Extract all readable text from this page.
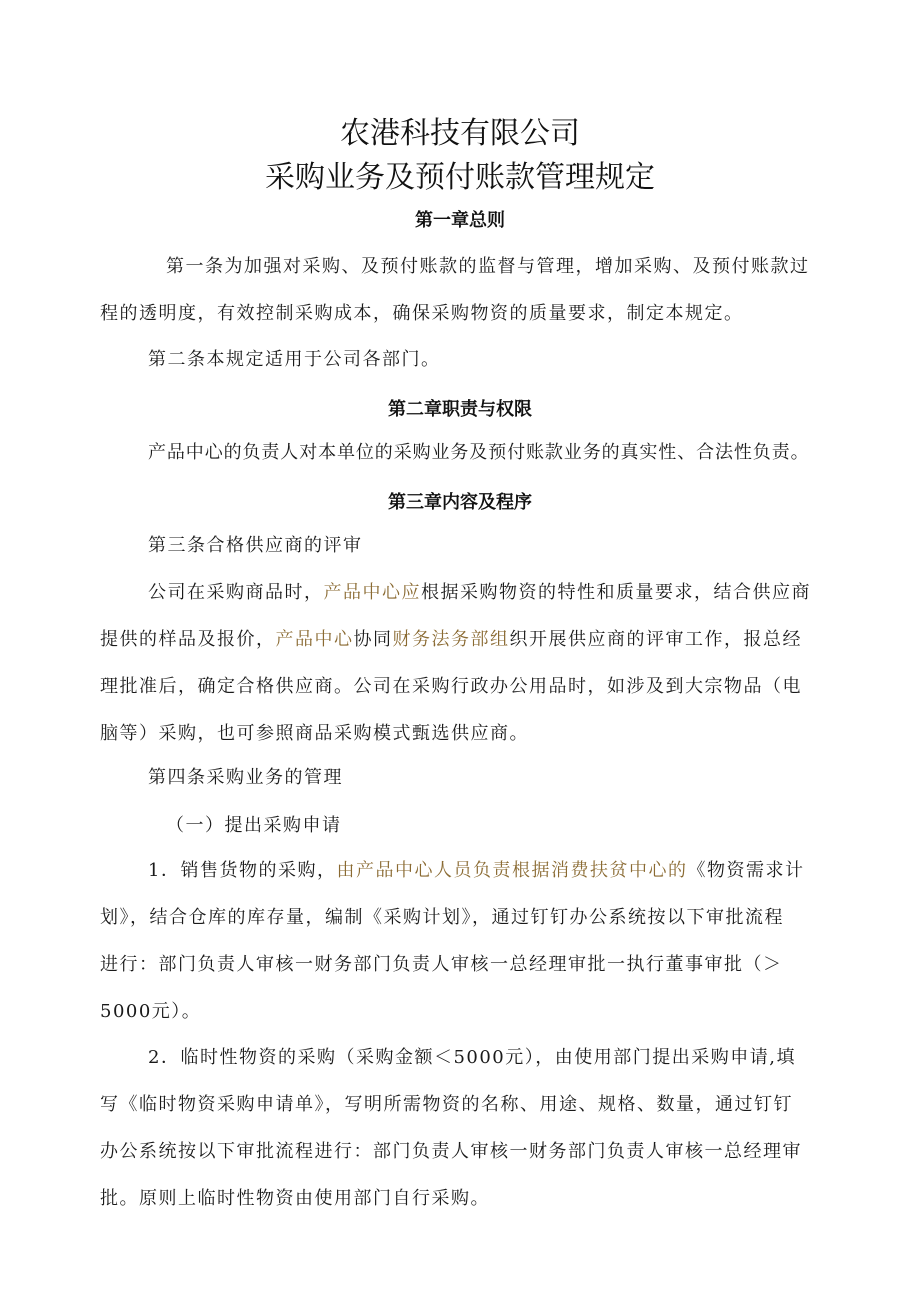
农港科技有限公司
采购业务及预付账款管理规定
第一章总则
第一条为加强对采购、及预付账款的监督与管理，增加采购、及预付账款过
程的透明度，有效控制采购成本，确保采购物资的质量要求，制定本规定。
第二条本规定适用于公司各部门。
第二章职责与权限
产品中心的负责人对本单位的采购业务及预付账款业务的真实性、合法性负责。
第三章内容及程序
第三条合格供应商的评审
公司在采购商品时，产品中心应根据采购物资的特性和质量要求，结合供应商
提供的样品及报价，产品中心协同财务法务部组织开展供应商的评审工作，报总经
理批准后，确定合格供应商。公司在采购行政办公用品时，如涉及到大宗物品（电
脑等）采购，也可参照商品采购模式甄选供应商。
第四条采购业务的管理
（一）提出采购申请
1．销售货物的采购，由产品中心人员负责根据消费扶贫中心的《物资需求计
划》，结合仓库的库存量，编制《采购计划》，通过钉钉办公系统按以下审批流程
进行：部门负责人审核一财务部门负责人审核一总经理审批一执行董事审批（＞
5000元）。
2．临时性物资的采购（采购金额＜5000元），由使用部门提出采购申请,填
写《临时物资采购申请单》，写明所需物资的名称、用途、规格、数量，通过钉钉
办公系统按以下审批流程进行：部门负责人审核一财务部门负责人审核一总经理审
批。原则上临时性物资由使用部门自行采购。
